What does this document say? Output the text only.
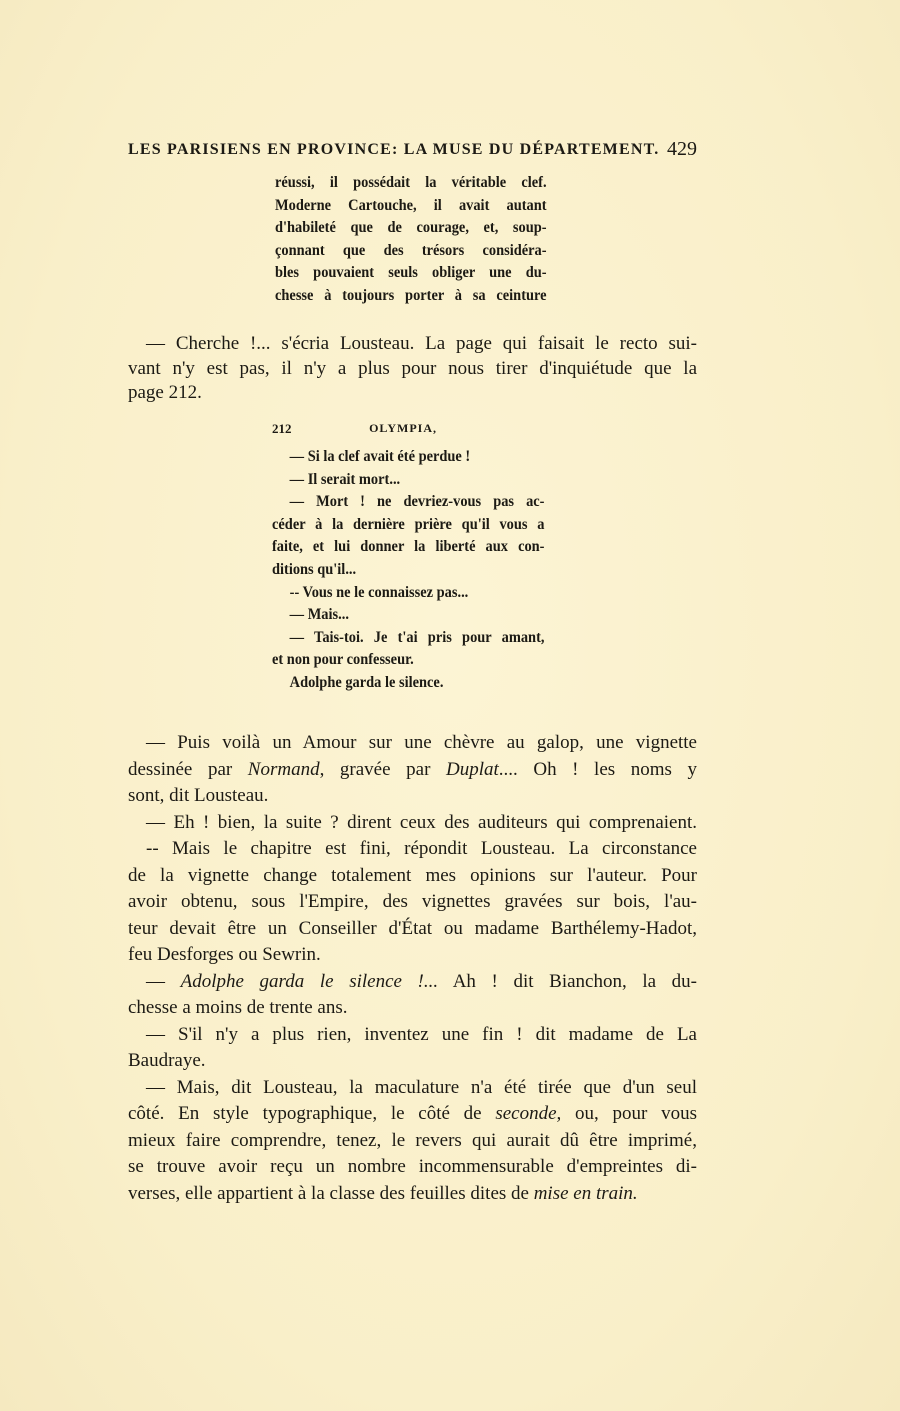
LES PARISIENS EN PROVINCE: LA MUSE DU DÉPARTEMENT. 429
réussi, il possédait la véritable clef.
Moderne Cartouche, il avait autant
d'habileté que de courage, et, soup-
çonnant que des trésors considéra-
bles pouvaient seuls obliger une du-
chesse à toujours porter à sa ceinture
— Cherche !... s'écria Lousteau. La page qui faisait le recto sui-
vant n'y est pas, il n'y a plus pour nous tirer d'inquiétude que la
page 212.
212	OLYMPIA,
— Si la clef avait été perdue !
— Il serait mort...
— Mort ! ne devriez-vous pas ac-
céder à la dernière prière qu'il vous a
faite, et lui donner la liberté aux con-
ditions qu'il...
-- Vous ne le connaissez pas...
— Mais...
— Tais-toi. Je t'ai pris pour amant,
et non pour confesseur.
Adolphe garda le silence.
— Puis voilà un Amour sur une chèvre au galop, une vignette
dessinée par Normand, gravée par Duplat.... Oh ! les noms y
sont, dit Lousteau.
— Eh ! bien, la suite ? dirent ceux des auditeurs qui comprenaient.
-- Mais le chapitre est fini, répondit Lousteau. La circonstance
de la vignette change totalement mes opinions sur l'auteur. Pour
avoir obtenu, sous l'Empire, des vignettes gravées sur bois, l'au-
teur devait être un Conseiller d'État ou madame Barthélemy-Hadot,
feu Desforges ou Sewrin.
— Adolphe garda le silence !... Ah ! dit Bianchon, la du-
chesse a moins de trente ans.
— S'il n'y a plus rien, inventez une fin ! dit madame de La
Baudraye.
— Mais, dit Lousteau, la maculature n'a été tirée que d'un seul
côté. En style typographique, le côté de seconde, ou, pour vous
mieux faire comprendre, tenez, le revers qui aurait dû être imprimé,
se trouve avoir reçu un nombre incommensurable d'empreintes di-
verses, elle appartient à la classe des feuilles dites de mise en train.
